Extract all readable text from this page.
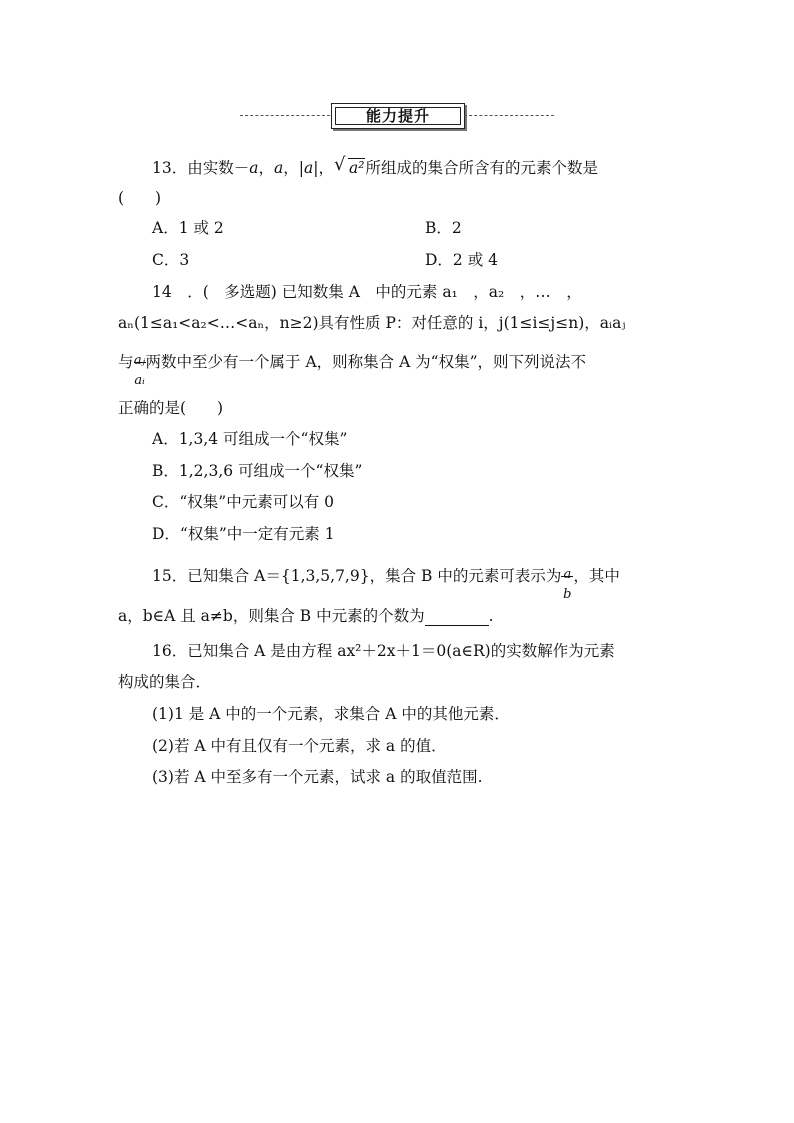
能力提升
13．由实数－a，a，|a|， √ a²所组成的集合所含有的元素个数是
(　　)
A．1 或 2	B．2
C．3	D．2 或 4
14　．(　多选题) 已知数集 A　中的元素 a₁　，a₂　，…　，
aₙ(1≤a₁<a₂<…<aₙ，n≥2)具有性质 P：对任意的 i，j(1≤i≤j≤n)，aᵢaⱼ
与 aⱼ
aᵢ
两数中至少有一个属于 A，则称集合 A 为“权集”，则下列说法不
正确的是(　　)
A．1,3,4 可组成一个“权集”
B．1,2,3,6 可组成一个“权集”
C．“权集”中元素可以有 0
D．“权集”中一定有元素 1
15．已知集合 A＝{1,3,5,7,9}，集合 B 中的元素可表示为 a
b
，其中
a，b∈A 且 a≠b，则集合 B 中元素的个数为	.
16．已知集合 A 是由方程 ax²＋2x＋1＝0(a∈R)的实数解作为元素
构成的集合．
(1)1 是 A 中的一个元素，求集合 A 中的其他元素．
(2)若 A 中有且仅有一个元素，求 a 的值．
(3)若 A 中至多有一个元素，试求 a 的取值范围.
